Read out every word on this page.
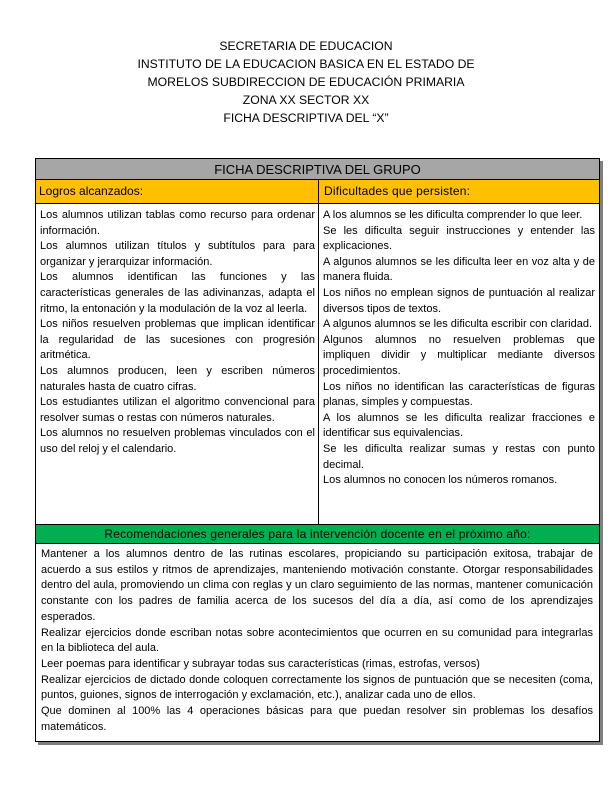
SECRETARIA DE EDUCACION
INSTITUTO DE LA EDUCACION BASICA EN EL ESTADO DE
MORELOS SUBDIRECCION DE EDUCACIÓN PRIMARIA
ZONA XX SECTOR XX
FICHA DESCRIPTIVA DEL “X”
FICHA DESCRIPTIVA DEL GRUPO
Logros alcanzados:	Dificultades que persisten:

Los alumnos utilizan tablas como recurso para ordenar información.

Los alumnos utilizan títulos y subtítulos para para organizar y jerarquizar información.

Los alumnos identifican las funciones y las características generales de las adivinanzas, adapta el ritmo, la entonación y la modulación de la voz al leerla.

Los niños resuelven problemas que implican identificar la regularidad de las sucesiones con progresión aritmética.

Los alumnos producen, leen y escriben números naturales hasta de cuatro cifras.

Los estudiantes utilizan el algoritmo convencional para resolver sumas o restas con números naturales.

Los alumnos no resuelven problemas vinculados con el uso del reloj y el calendario.

A los alumnos se les dificulta comprender lo que leer.

Se les dificulta seguir instrucciones y entender las explicaciones.

A algunos alumnos se les dificulta leer en voz alta y de manera fluida.

Los niños no emplean signos de puntuación al realizar diversos tipos de textos.

A algunos alumnos se les dificulta escribir con claridad.

Algunos alumnos no resuelven problemas que impliquen dividir y multiplicar mediante diversos procedimientos.

Los niños no identifican las características de figuras planas, simples y compuestas.

A los alumnos se les dificulta realizar fracciones e identificar sus equivalencias.

Se les dificulta realizar sumas y restas con punto decimal.

Los alumnos no conocen los números romanos.

Recomendaciones generales para la intervención docente en el próximo año:

Mantener a los alumnos dentro de las rutinas escolares, propiciando su participación exitosa, trabajar de acuerdo a sus estilos y ritmos de aprendizajes, manteniendo motivación constante. Otorgar responsabilidades dentro del aula, promoviendo un clima con reglas y un claro seguimiento de las normas, mantener comunicación constante con los padres de familia acerca de los sucesos del día a día, así como de los aprendizajes esperados.

Realizar ejercicios donde escriban notas sobre acontecimientos que ocurren en su comunidad para integrarlas en la biblioteca del aula.

Leer poemas para identificar y subrayar todas sus características (rimas, estrofas, versos)

Realizar ejercicios de dictado donde coloquen correctamente los signos de puntuación que se necesiten (coma, puntos, guiones, signos de interrogación y exclamación, etc.), analizar cada uno de ellos.

Que dominen al 100% las 4 operaciones básicas para que puedan resolver sin problemas los desafíos matemáticos.
